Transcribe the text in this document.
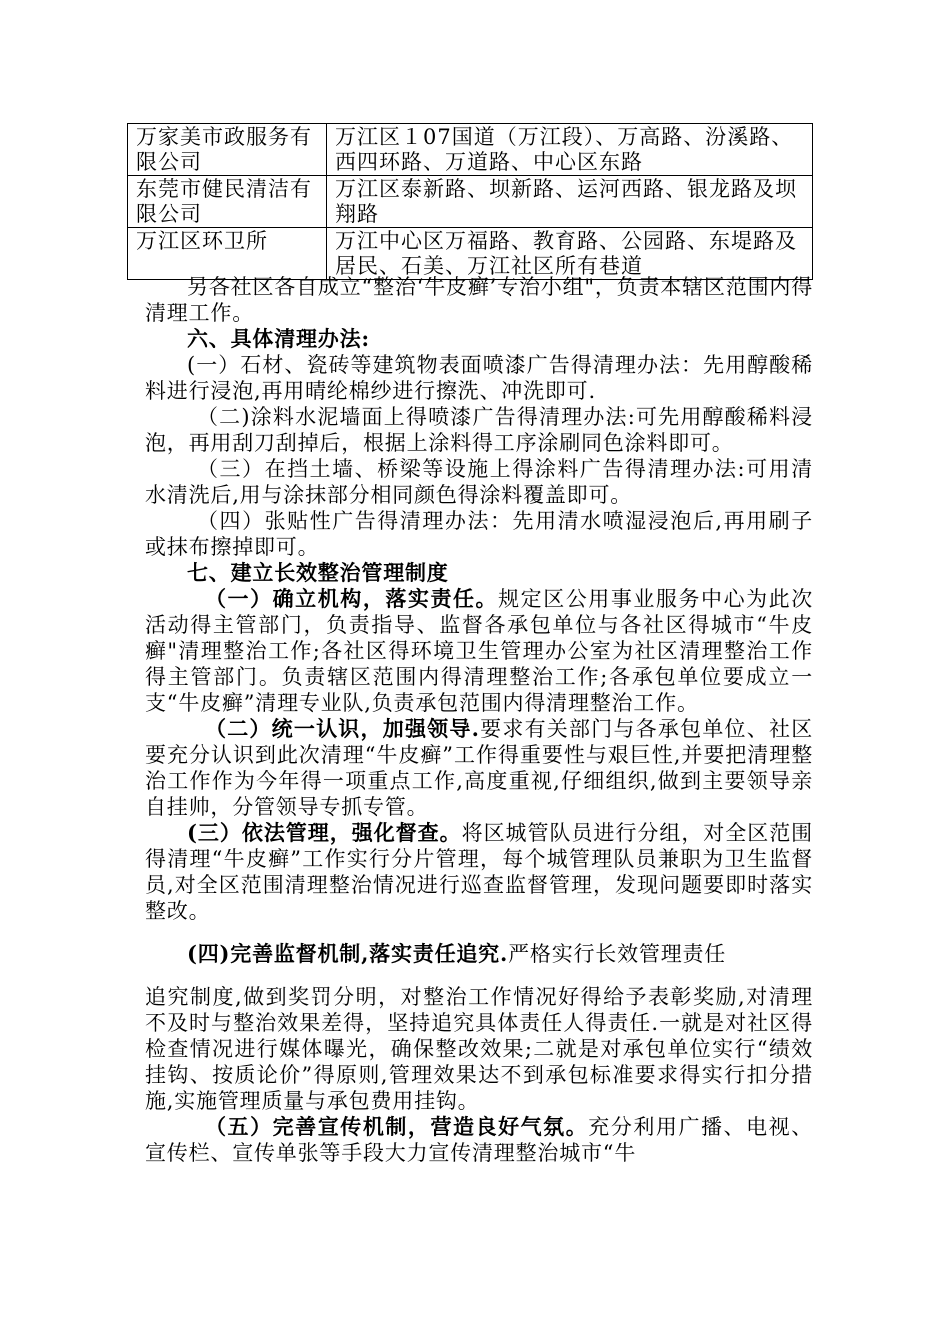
万家美市政服务有限公司	万江区１07国道（万江段）、万高路、汾溪路、西四环路、万道路、中心区东路
东莞市健民清洁有限公司	万江区泰新路、坝新路、运河西路、银龙路及坝翔路
万江区环卫所	万江中心区万福路、教育路、公园路、东堤路及居民、石美、万江社区所有巷道

另各社区各自成立“整治‘牛皮癣’专治小组"，负责本辖区范围内得清理工作。

六、具体清理办法:

(一）石材、瓷砖等建筑物表面喷漆广告得清理办法：先用醇酸稀料进行浸泡,再用晴纶棉纱进行擦洗、冲洗即可.

（二)涂料水泥墙面上得喷漆广告得清理办法:可先用醇酸稀料浸泡，再用刮刀刮掉后，根据上涂料得工序涂刷同色涂料即可。

（三）在挡土墙、桥梁等设施上得涂料广告得清理办法:可用清水清洗后,用与涂抹部分相同颜色得涂料覆盖即可。

（四）张贴性广告得清理办法：先用清水喷湿浸泡后,再用刷子或抹布擦掉即可。

七、建立长效整治管理制度

（一）确立机构，落实责任。规定区公用事业服务中心为此次活动得主管部门，负责指导、监督各承包单位与各社区得城市“牛皮癣"清理整治工作;各社区得环境卫生管理办公室为社区清理整治工作得主管部门。负责辖区范围内得清理整治工作;各承包单位要成立一支“牛皮癣”清理专业队,负责承包范围内得清理整治工作。

（二）统一认识，加强领导.要求有关部门与各承包单位、社区要充分认识到此次清理“牛皮癣”工作得重要性与艰巨性,并要把清理整治工作作为今年得一项重点工作,高度重视,仔细组织,做到主要领导亲自挂帅，分管领导专抓专管。

(三）依法管理，强化督查。将区城管队员进行分组，对全区范围得清理“牛皮癣”工作实行分片管理，每个城管理队员兼职为卫生监督员,对全区范围清理整治情况进行巡查监督管理，发现问题要即时落实整改。

(四)完善监督机制,落实责任追究.严格实行长效管理责任

追究制度,做到奖罚分明，对整治工作情况好得给予表彰奖励,对清理不及时与整治效果差得，坚持追究具体责任人得责任.一就是对社区得检查情况进行媒体曝光，确保整改效果;二就是对承包单位实行“绩效挂钩、按质论价”得原则,管理效果达不到承包标准要求得实行扣分措施,实施管理质量与承包费用挂钩。

（五）完善宣传机制，营造良好气氛。充分利用广播、电视、宣传栏、宣传单张等手段大力宣传清理整治城市“牛
